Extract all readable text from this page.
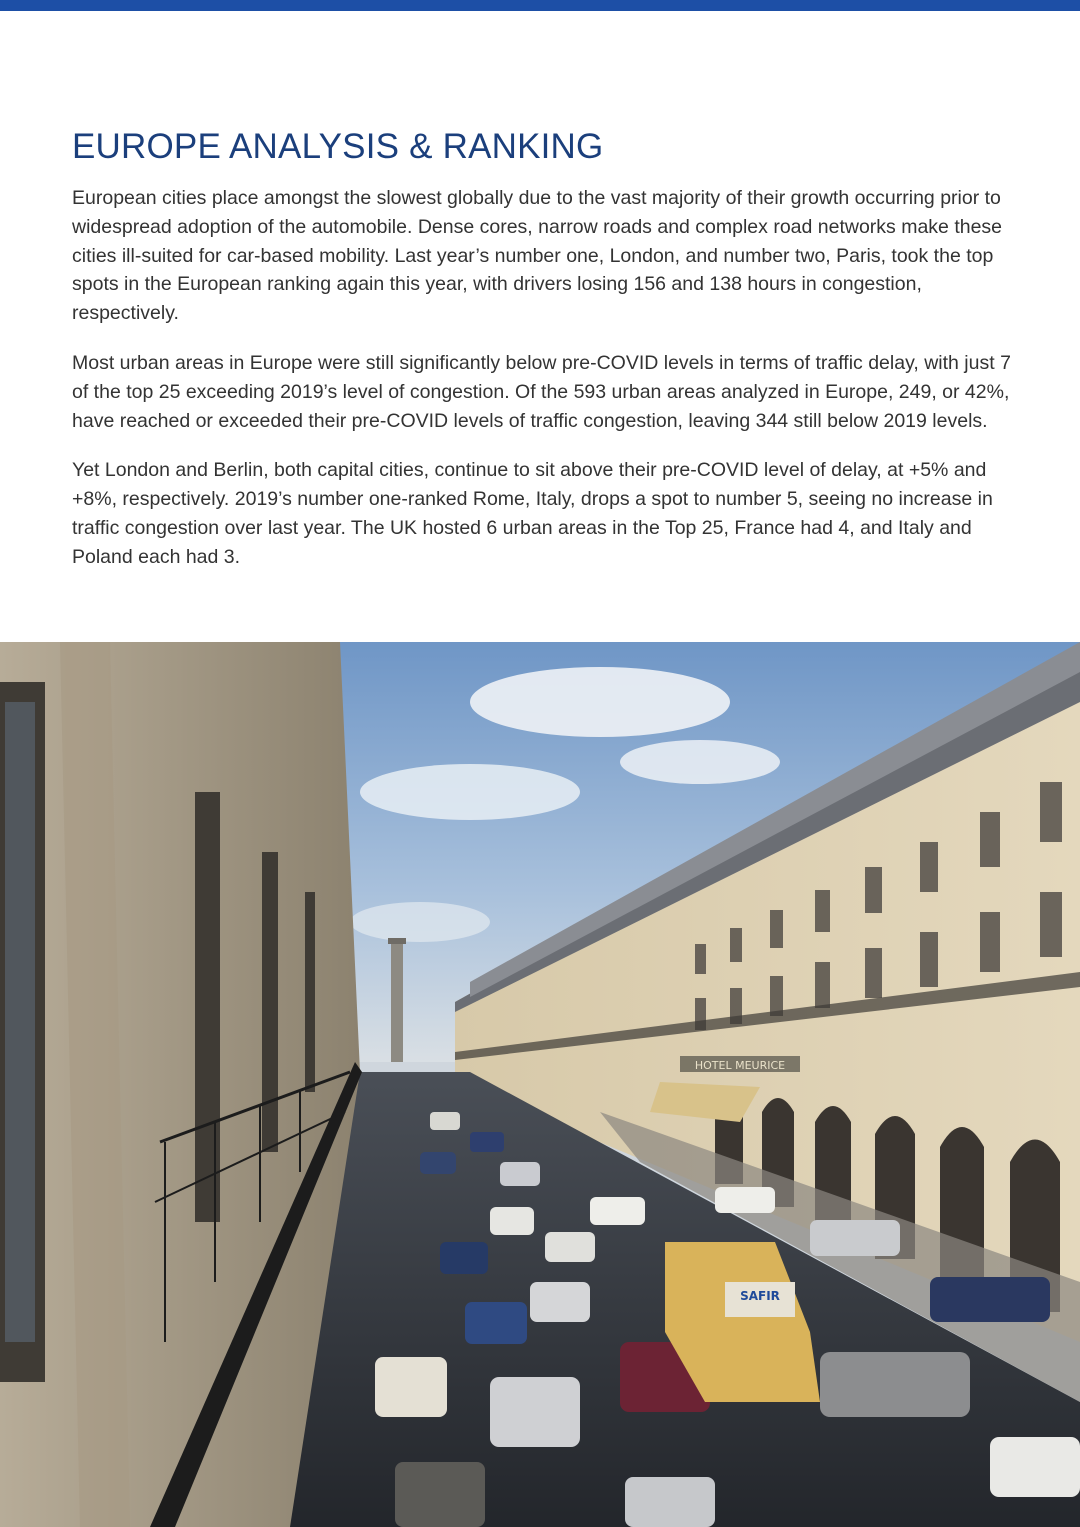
EUROPE ANALYSIS & RANKING

European cities place amongst the slowest globally due to the vast majority of their growth occurring prior to widespread adoption of the automobile. Dense cores, narrow roads and complex road networks make these cities ill-suited for car-based mobility. Last year’s number one, London, and number two, Paris, took the top spots in the European ranking again this year, with drivers losing 156 and 138 hours in congestion, respectively.

Most urban areas in Europe were still significantly below pre-COVID levels in terms of traffic delay, with just 7 of the top 25 exceeding 2019’s level of congestion. Of the 593 urban areas analyzed in Europe, 249, or 42%, have reached or exceeded their pre-COVID levels of traffic congestion, leaving 344 still below 2019 levels.

Yet London and Berlin, both capital cities, continue to sit above their pre-COVID level of delay, at +5% and +8%, respectively. 2019’s number one-ranked Rome, Italy, drops a spot to number 5, seeing no increase in traffic congestion over last year. The UK hosted 6 urban areas in the Top 25, France had 4, and Italy and Poland each had 3.

HOTEL MEURICE
SAFIR
